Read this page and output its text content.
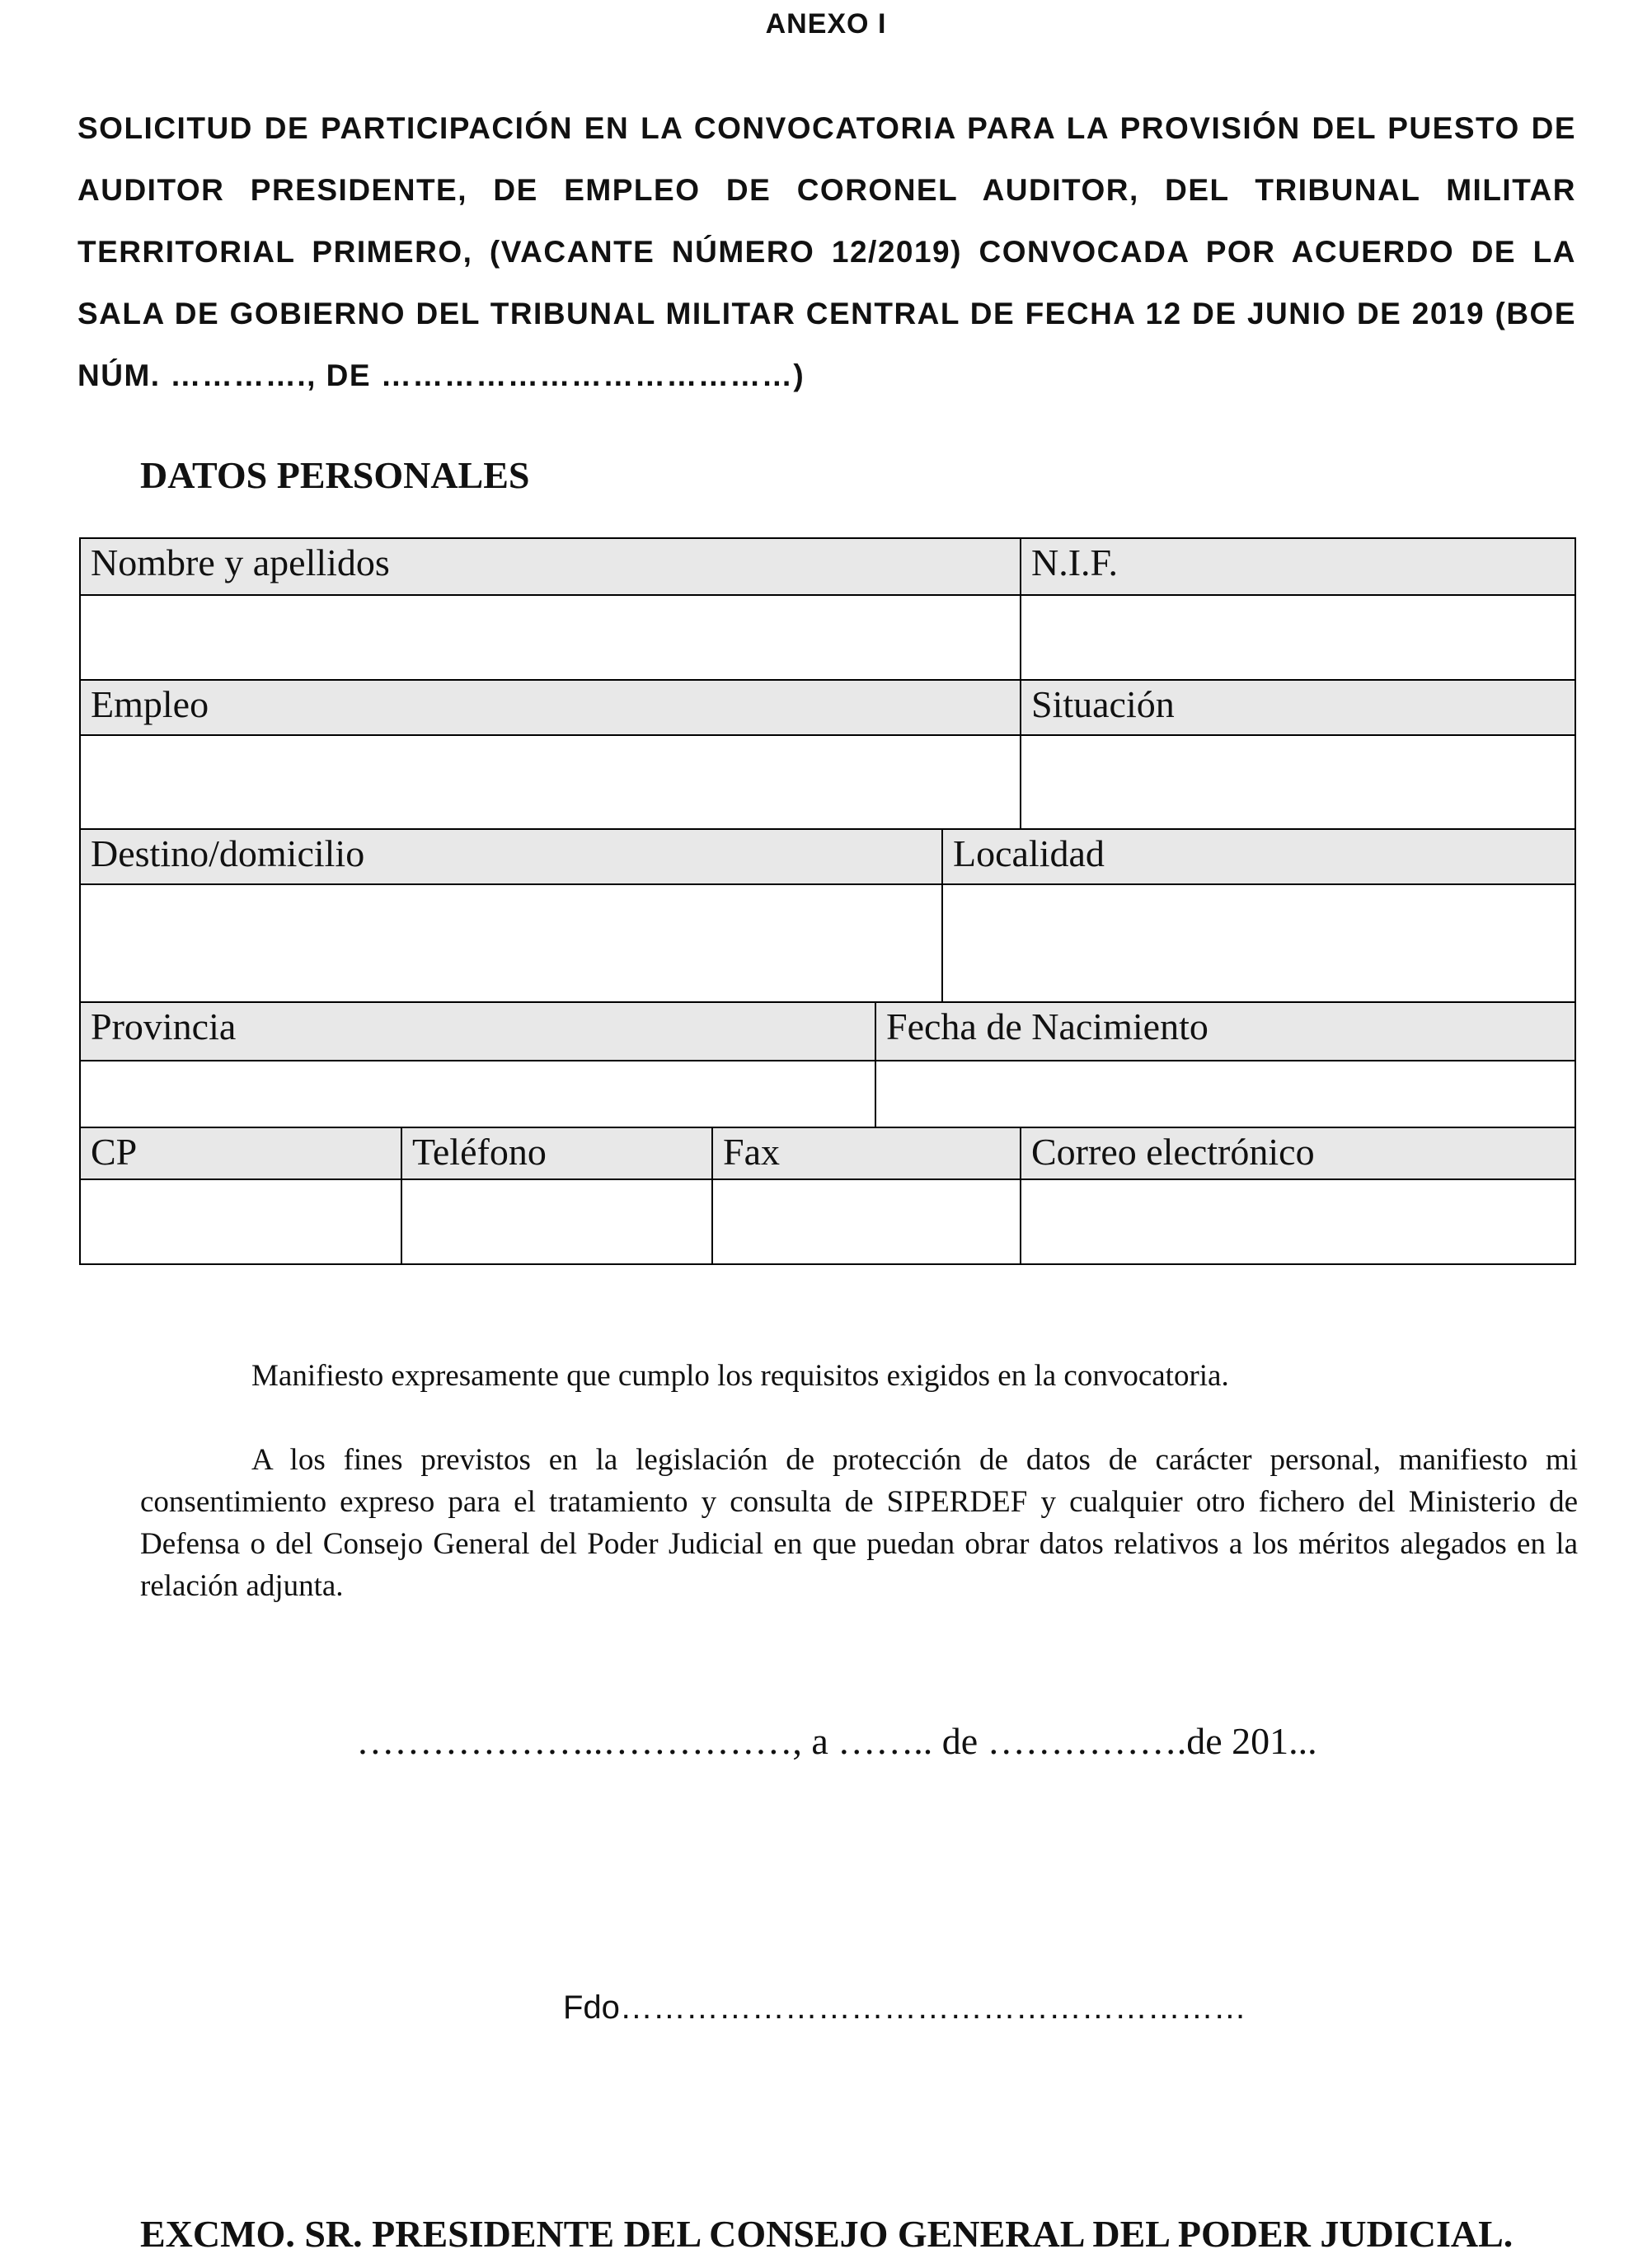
ANEXO I
SOLICITUD DE PARTICIPACIÓN EN LA CONVOCATORIA PARA LA PROVISIÓN DEL PUESTO DE AUDITOR PRESIDENTE, DE EMPLEO DE CORONEL AUDITOR, DEL TRIBUNAL MILITAR TERRITORIAL PRIMERO, (VACANTE NÚMERO 12/2019) CONVOCADA POR ACUERDO DE LA SALA DE GOBIERNO DEL TRIBUNAL MILITAR CENTRAL DE FECHA 12 DE JUNIO DE 2019 (BOE NÚM. …………., DE …………………………………)
DATOS PERSONALES
Nombre y apellidos	N.I.F.
Empleo	Situación
Destino/domicilio	Localidad
Provincia	Fecha de Nacimiento
CP	Teléfono	Fax	Correo electrónico
Manifiesto expresamente que cumplo los requisitos exigidos en la convocatoria.
A los fines previstos en la legislación de protección de datos de carácter personal, manifiesto mi consentimiento expreso para el tratamiento y consulta de SIPERDEF y cualquier otro fichero del Ministerio de Defensa o del Consejo General del Poder Judicial en que puedan obrar datos relativos a los méritos alegados en la relación adjunta.
………………..……………, a …….. de …………….de 201...
Fdo…………………………………………………
EXCMO. SR. PRESIDENTE DEL CONSEJO GENERAL DEL PODER JUDICIAL.
